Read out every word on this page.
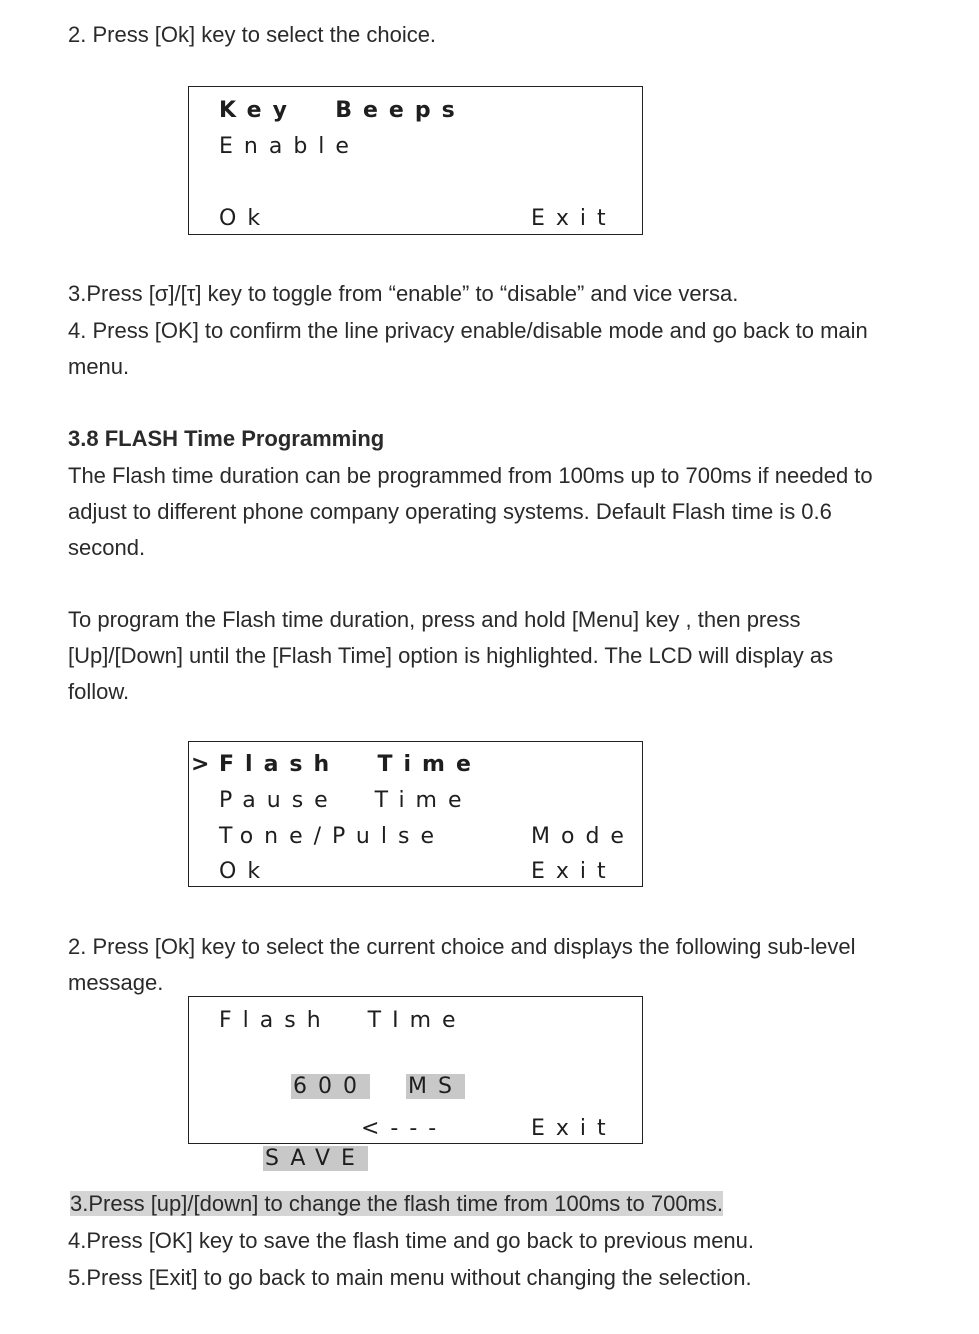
2. Press [Ok] key to select the choice.

Key  Beeps
Enable
Ok	Exit

3.Press [σ]/[τ] key to toggle from “enable” to “disable” and vice versa.

4. Press [OK] to confirm the line privacy enable/disable mode and go back to main

menu.

3.8 FLASH Time Programming

The Flash time duration can be programmed from 100ms up to 700ms if needed to

adjust to different phone company operating systems. Default Flash time is 0.6

second.

To program the Flash time duration, press and hold [Menu] key , then press

[Up]/[Down] until the [Flash Time] option is highlighted. The LCD will display as

follow.

> Flash  Time
Pause  Time
Tone/Pulse	Mode
Ok	Exit

2. Press [Ok] key to select the current choice and displays the following sub-level

message.

Flash  TIme

600 MS

SAVE

<---	Exit

3.Press [up]/[down] to change the flash time from 100ms to 700ms.

4.Press [OK] key to save the flash time and go back to previous menu.

5.Press [Exit] to go back to main menu without changing the selection.
